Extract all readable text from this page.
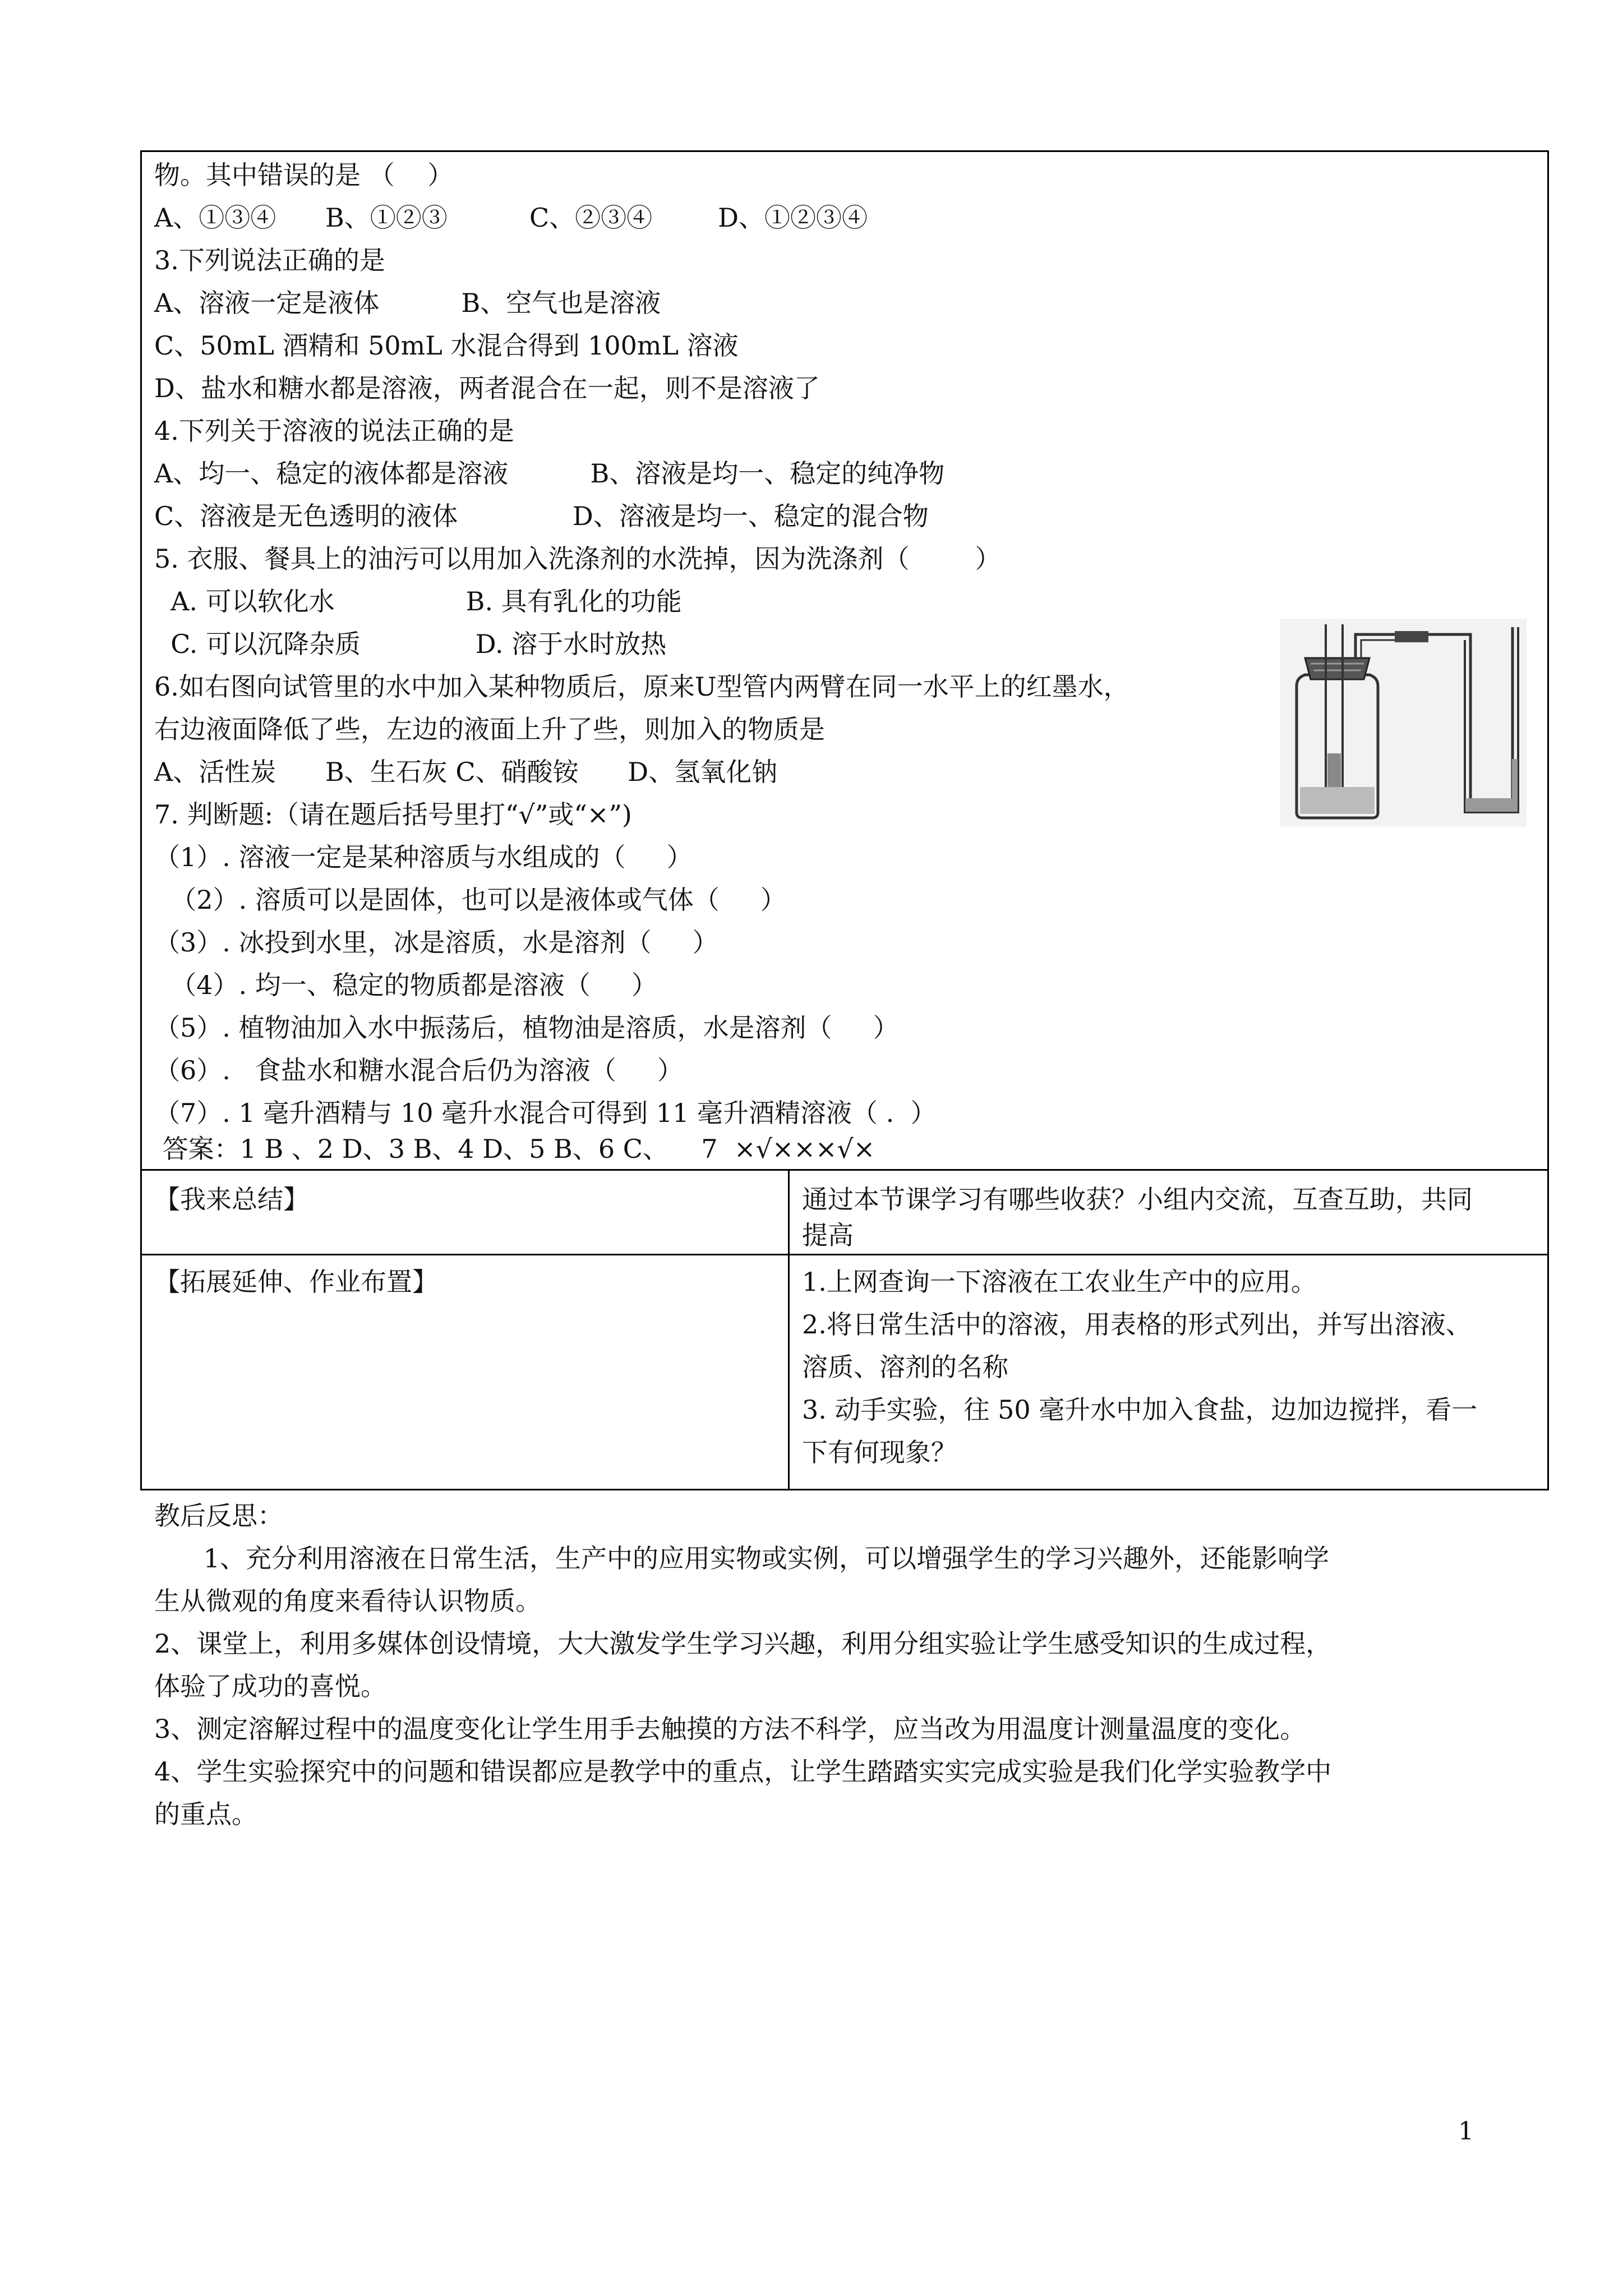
物。其中错误的是 （    ）
A、①③④      B、①②③          C、②③④        D、①②③④
3.下列说法正确的是
A、溶液一定是液体          B、空气也是溶液
C、50mL 酒精和 50mL 水混合得到 100mL 溶液
D、盐水和糖水都是溶液，两者混合在一起，则不是溶液了
4.下列关于溶液的说法正确的是
A、均一、稳定的液体都是溶液          B、溶液是均一、稳定的纯净物
C、溶液是无色透明的液体              D、溶液是均一、稳定的混合物
5. 衣服、餐具上的油污可以用加入洗涤剂的水洗掉，因为洗涤剂（        ）
A. 可以软化水                B. 具有乳化的功能
C. 可以沉降杂质              D. 溶于水时放热
6.如右图向试管里的水中加入某种物质后，原来U型管内两臂在同一水平上的红墨水，
右边液面降低了些，左边的液面上升了些，则加入的物质是
A、活性炭      B、生石灰 C、硝酸铵      D、氢氧化钠
7. 判断题:（请在题后括号里打“√”或“×”)
（1）. 溶液一定是某种溶质与水组成的（     ）
（2）. 溶质可以是固体，也可以是液体或气体（     ）
（3）. 冰投到水里，冰是溶质，水是溶剂（     ）
（4）. 均一、稳定的物质都是溶液（     ）
（5）. 植物油加入水中振荡后，植物油是溶质，水是溶剂（     ）
（6）.   食盐水和糖水混合后仍为溶液（     ）
（7）. 1 毫升酒精与 10 毫升水混合可得到 11 毫升酒精溶液（ .  ）
答案：1 B 、2 D、3 B、4 D、5 B、6 C、    7  ×√×××√×
【我来总结】	通过本节课学习有哪些收获？小组内交流，互查互助，共同
提高
【拓展延伸、作业布置】	1.上网查询一下溶液在工农业生产中的应用。
2.将日常生活中的溶液，用表格的形式列出，并写出溶液、
溶质、溶剂的名称
3. 动手实验，往 50 毫升水中加入食盐，边加边搅拌，看一
下有何现象？
教后反思：
1、充分利用溶液在日常生活，生产中的应用实物或实例，可以增强学生的学习兴趣外，还能影响学
生从微观的角度来看待认识物质。
2、课堂上，利用多媒体创设情境，大大激发学生学习兴趣，利用分组实验让学生感受知识的生成过程，
体验了成功的喜悦。
3、测定溶解过程中的温度变化让学生用手去触摸的方法不科学，应当改为用温度计测量温度的变化。
4、学生实验探究中的问题和错误都应是教学中的重点，让学生踏踏实实完成实验是我们化学实验教学中
的重点。
1
